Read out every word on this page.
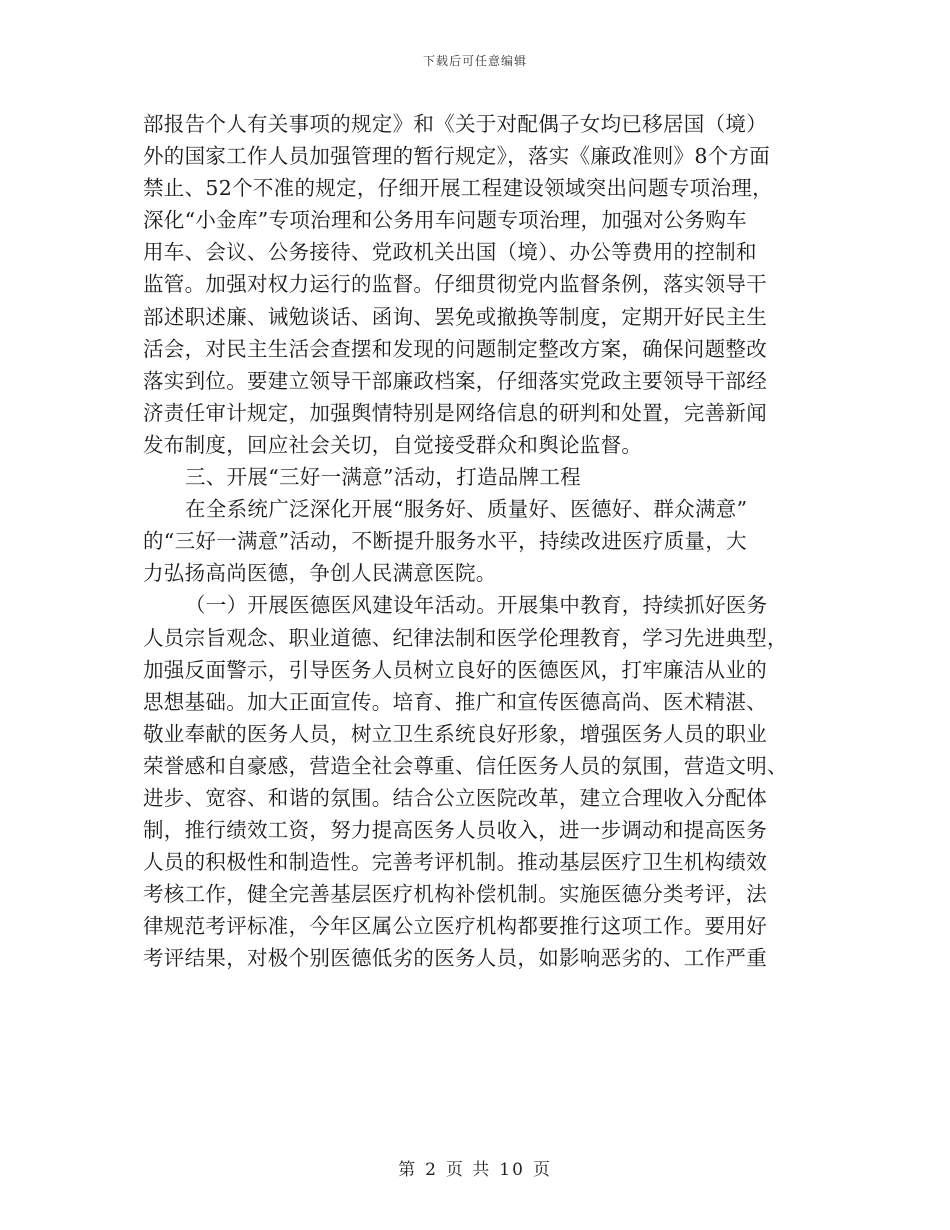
下载后可任意编辑
部报告个人有关事项的规定》和《关于对配偶子女均已移居国（境）
外的国家工作人员加强管理的暂行规定》，落实《廉政准则》8个方面
禁止、52个不准的规定，仔细开展工程建设领域突出问题专项治理，
深化“小金库”专项治理和公务用车问题专项治理，加强对公务购车
用车、会议、公务接待、党政机关出国（境）、办公等费用的控制和
监管。加强对权力运行的监督。仔细贯彻党内监督条例，落实领导干
部述职述廉、诫勉谈话、函询、罢免或撤换等制度，定期开好民主生
活会，对民主生活会查摆和发现的问题制定整改方案，确保问题整改
落实到位。要建立领导干部廉政档案，仔细落实党政主要领导干部经
济责任审计规定，加强舆情特别是网络信息的研判和处置，完善新闻
发布制度，回应社会关切，自觉接受群众和舆论监督。
三、开展“三好一满意”活动，打造品牌工程
在全系统广泛深化开展“服务好、质量好、医德好、群众满意”
的“三好一满意”活动，不断提升服务水平，持续改进医疗质量，大
力弘扬高尚医德，争创人民满意医院。
（一）开展医德医风建设年活动。开展集中教育，持续抓好医务
人员宗旨观念、职业道德、纪律法制和医学伦理教育，学习先进典型，
加强反面警示，引导医务人员树立良好的医德医风，打牢廉洁从业的
思想基础。加大正面宣传。培育、推广和宣传医德高尚、医术精湛、
敬业奉献的医务人员，树立卫生系统良好形象，增强医务人员的职业
荣誉感和自豪感，营造全社会尊重、信任医务人员的氛围，营造文明、
进步、宽容、和谐的氛围。结合公立医院改革，建立合理收入分配体
制，推行绩效工资，努力提高医务人员收入，进一步调动和提高医务
人员的积极性和制造性。完善考评机制。推动基层医疗卫生机构绩效
考核工作，健全完善基层医疗机构补偿机制。实施医德分类考评，法
律规范考评标准，今年区属公立医疗机构都要推行这项工作。要用好
考评结果，对极个别医德低劣的医务人员，如影响恶劣的、工作严重
第 2 页 共 10 页
